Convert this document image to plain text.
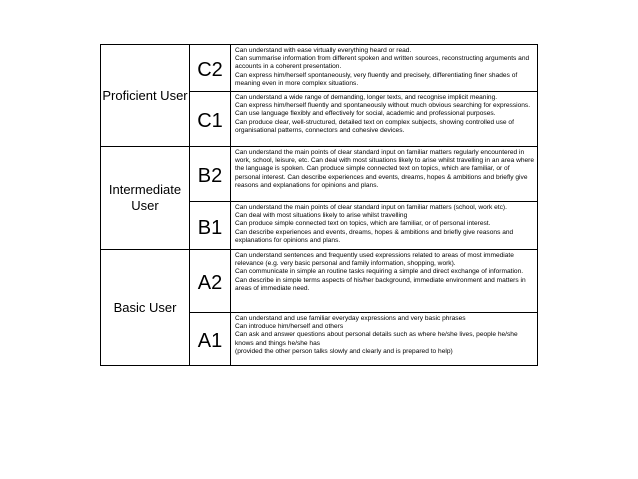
Proficient User	C2	Can understand with ease virtually everything heard or read.
Can summarise information from different spoken and written sources, reconstructing arguments and accounts in a coherent presentation.
Can express him/herself spontaneously, very fluently and precisely, differentiating finer shades of meaning even in more complex situations.

	C1	Can understand a wide range of demanding, longer texts, and recognise implicit meaning.
Can express him/herself fluently and spontaneously without much obvious searching for expressions.
Can use language flexibly and effectively for social, academic and professional purposes.
Can produce clear, well-structured, detailed text on complex subjects, showing controlled use of organisational patterns, connectors and cohesive devices.

Intermediate User	B2	Can understand the main points of clear standard input on familiar matters regularly encountered in work, school, leisure, etc. Can deal with most situations likely to arise whilst travelling in an area where the language is spoken. Can produce simple connected text on topics, which are familiar, or of personal interest. Can describe experiences and events, dreams, hopes & ambitions and briefly give reasons and explanations for opinions and plans.

	B1	Can understand the main points of clear standard input on familiar matters (school, work etc).
Can deal with most situations likely to arise whilst travelling
Can produce simple connected text on topics, which are familiar, or of personal interest.
Can describe experiences and events, dreams, hopes & ambitions and briefly give reasons and explanations for opinions and plans.

Basic User	A2	Can understand sentences and frequently used expressions related to areas of most immediate relevance (e.g. very basic personal and family information, shopping, work).
Can communicate in simple an routine tasks requiring a simple and direct exchange of information.
Can describe in simple terms aspects of his/her background, immediate environment and matters in areas of immediate need.

	A1	Can understand and use familiar everyday expressions and very basic phrases
Can introduce him/herself and others
Can ask and answer questions about personal details such as where he/she lives, people he/she knows and things he/she has
(provided the other person talks slowly and clearly and is prepared to help)
